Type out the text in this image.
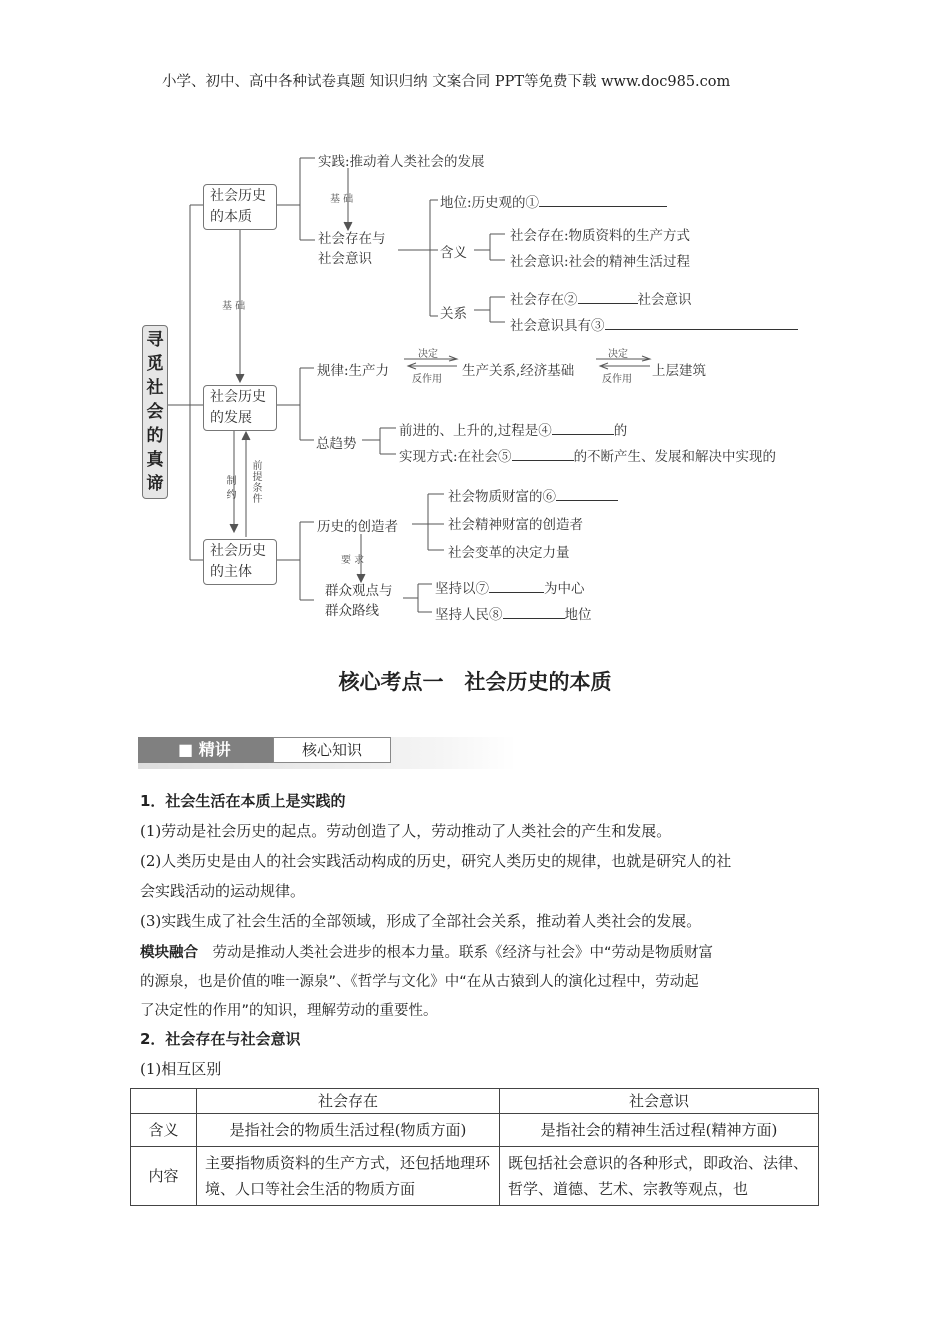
小学、初中、高中各种试卷真题 知识归纳 文案合同 PPT等免费下载 www.doc985.com
寻觅社会的真谛
社会历史的本质
社会历史的发展
社会历史的主体
实践:推动着人类社会的发展
基 础
社会存在与社会意识
地位:历史观的①
含义
社会存在:物质资料的生产方式
社会意识:社会的精神生活过程
关系
社会存在②	社会意识
社会意识具有③
基 础
规律:生产力
决定
反作用
生产关系,经济基础
决定
反作用
上层建筑
总趋势
前进的、上升的,过程是④	的
实现方式:在社会⑤	的不断产生、发展和解决中实现的
制约 前提条件
历史的创造者
社会物质财富的⑥
社会精神财富的创造者
社会变革的决定力量
要 求
群众观点与群众路线
坚持以⑦	为中心
坚持人民⑧	地位
核心考点一　社会历史的本质
■ 精讲	核心知识
1．社会生活在本质上是实践的
(1)劳动是社会历史的起点。劳动创造了人，劳动推动了人类社会的产生和发展。
(2)人类历史是由人的社会实践活动构成的历史，研究人类历史的规律，也就是研究人的社
会实践活动的运动规律。
(3)实践生成了社会生活的全部领域，形成了全部社会关系，推动着人类社会的发展。
模块融合　劳动是推动人类社会进步的根本力量。联系《经济与社会》中“劳动是物质财富
的源泉，也是价值的唯一源泉”、《哲学与文化》中“在从古猿到人的演化过程中，劳动起
了决定性的作用”的知识，理解劳动的重要性。
2．社会存在与社会意识
(1)相互区别
	社会存在	社会意识
含义	是指社会的物质生活过程(物质方面)	是指社会的精神生活过程(精神方面)
内容	主要指物质资料的生产方式，还包括地理环境、人口等社会生活的物质方面	既包括社会意识的各种形式，即政治、法律、哲学、道德、艺术、宗教等观点，也
